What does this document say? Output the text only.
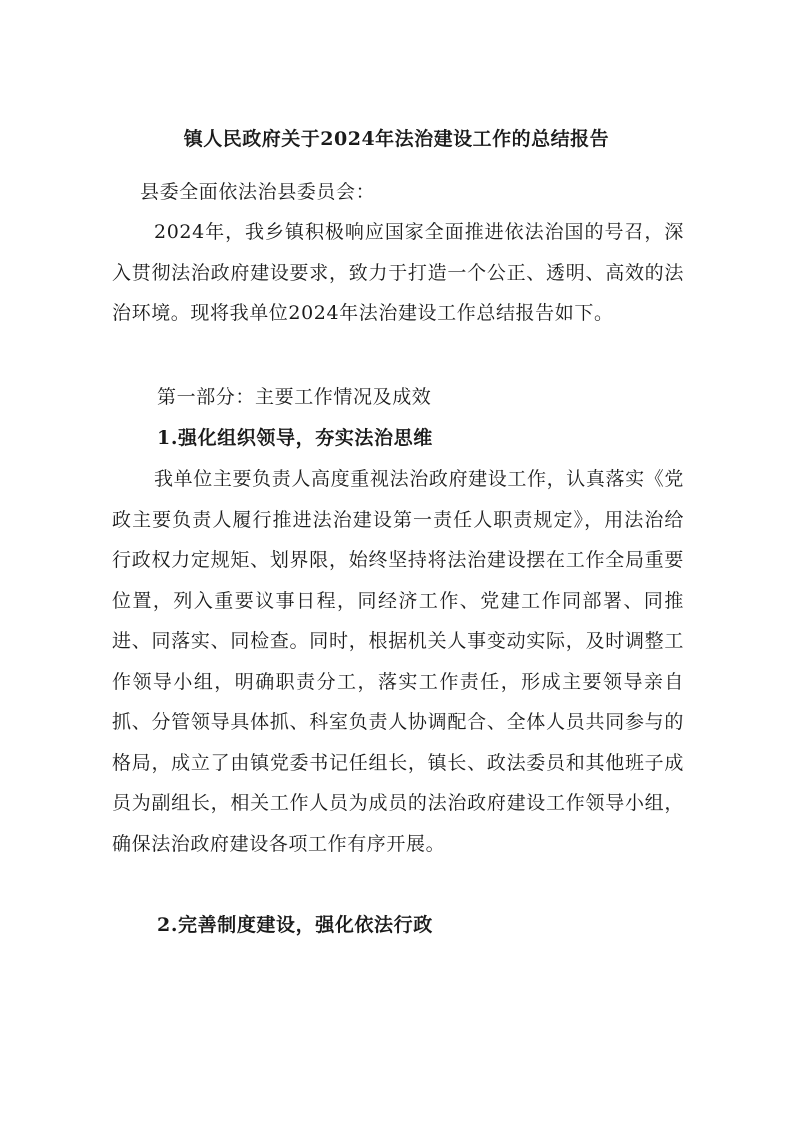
镇人民政府关于2024年法治建设工作的总结报告

县委全面依法治县委员会：

2024年，我乡镇积极响应国家全面推进依法治国的号召，深入贯彻法治政府建设要求，致力于打造一个公正、透明、高效的法治环境。现将我单位2024年法治建设工作总结报告如下。

第一部分：主要工作情况及成效

1.强化组织领导，夯实法治思维

我单位主要负责人高度重视法治政府建设工作，认真落实《党政主要负责人履行推进法治建设第一责任人职责规定》，用法治给行政权力定规矩、划界限，始终坚持将法治建设摆在工作全局重要位置，列入重要议事日程，同经济工作、党建工作同部署、同推进、同落实、同检查。同时，根据机关人事变动实际，及时调整工作领导小组，明确职责分工，落实工作责任，形成主要领导亲自抓、分管领导具体抓、科室负责人协调配合、全体人员共同参与的格局，成立了由镇党委书记任组长，镇长、政法委员和其他班子成员为副组长，相关工作人员为成员的法治政府建设工作领导小组，确保法治政府建设各项工作有序开展。

2.完善制度建设，强化依法行政
